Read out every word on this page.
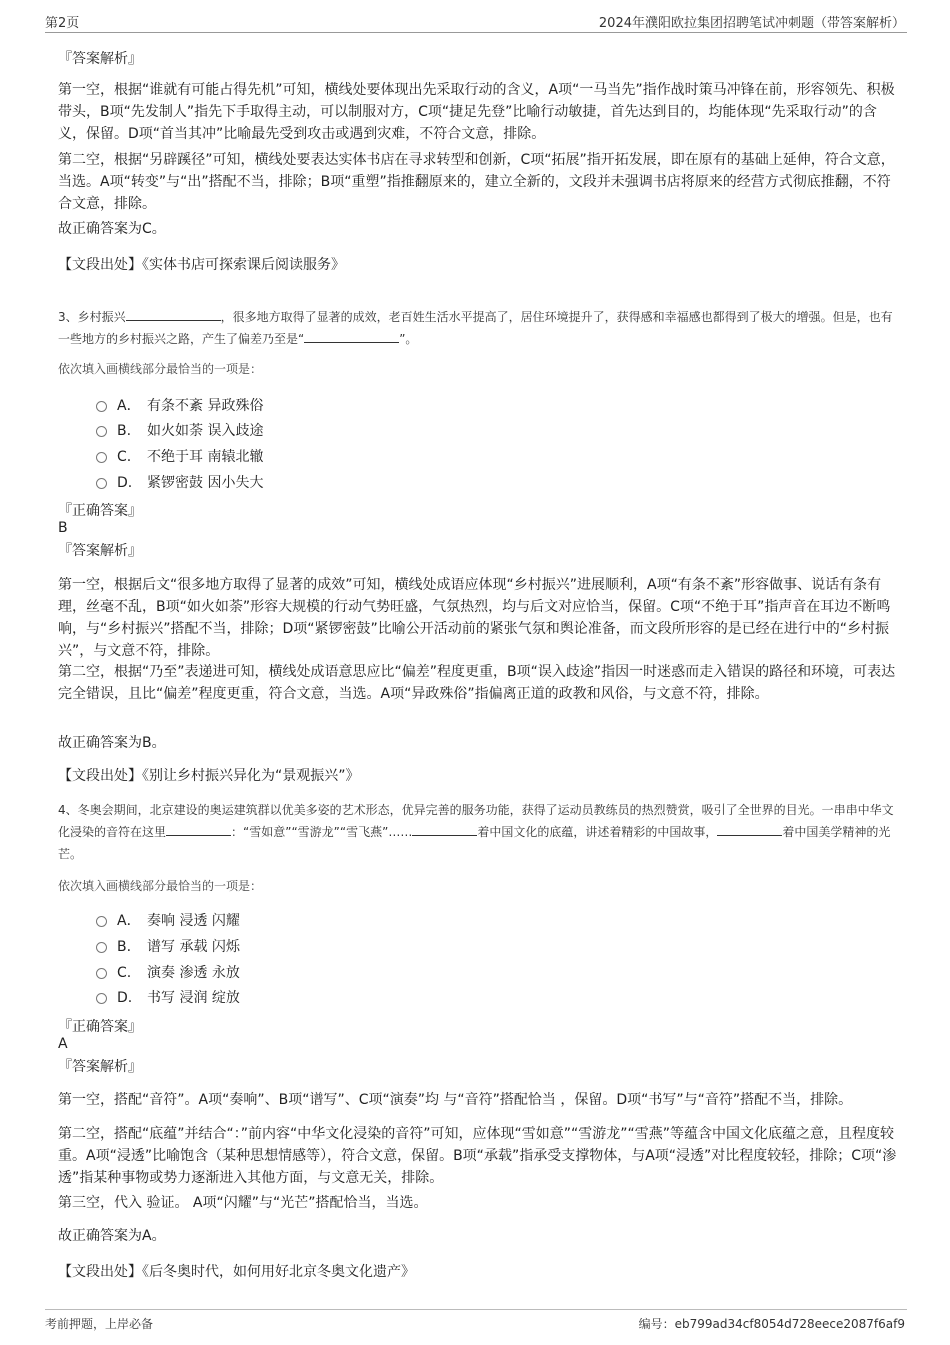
第2页	2024年濮阳欧拉集团招聘笔试冲刺题（带答案解析）
『答案解析』

第一空，根据“谁就有可能占得先机”可知，横线处要体现出先采取行动的含义，A项“一马当先”指作战时策马冲锋在前，形容领先、积极带头，B项“先发制人”指先下手取得主动，可以制服对方，C项“捷足先登”比喻行动敏捷，首先达到目的，均能体现“先采取行动”的含义，保留。D项“首当其冲”比喻最先受到攻击或遇到灾难，不符合文意，排除。

第二空，根据“另辟蹊径”可知，横线处要表达实体书店在寻求转型和创新，C项“拓展”指开拓发展，即在原有的基础上延伸，符合文意，当选。A项“转变”与“出”搭配不当，排除；B项“重塑”指推翻原来的，建立全新的，文段并未强调书店将原来的经营方式彻底推翻，不符合文意，排除。

故正确答案为C。
【文段出处】《实体书店可探索课后阅读服务》

3、乡村振兴	，很多地方取得了显著的成效，老百姓生活水平提高了，居住环境提升了，获得感和幸福感也都得到了极大的增强。但是，也有一些地方的乡村振兴之路，产生了偏差乃至是“	”。

依次填入画横线部分最恰当的一项是：
A． 有条不紊 异政殊俗
B.	如火如荼 误入歧途
C.	不绝于耳 南辕北辙
D.	紧锣密鼓 因小失大
『正确答案』
B
『答案解析』

第一空，根据后文“很多地方取得了显著的成效”可知，横线处成语应体现“乡村振兴”进展顺利，A项“有条不紊”形容做事、说话有条有理，丝毫不乱，B项“如火如荼”形容大规模的行动气势旺盛，气氛热烈，均与后文对应恰当，保留。C项“不绝于耳”指声音在耳边不断鸣响，与“乡村振兴”搭配不当，排除；D项“紧锣密鼓”比喻公开活动前的紧张气氛和舆论准备，而文段所形容的是已经在进行中的“乡村振兴”，与文意不符，排除。

第二空，根据“乃至”表递进可知，横线处成语意思应比“偏差”程度更重，B项“误入歧途”指因一时迷惑而走入错误的路径和环境，可表达完全错误，且比“偏差”程度更重，符合文意，当选。A项“异政殊俗”指偏离正道的政教和风俗，与文意不符，排除。

故正确答案为B。
【文段出处】《别让乡村振兴异化为“景观振兴”》

4、冬奥会期间，北京建设的奥运建筑群以优美多姿的艺术形态，优异完善的服务功能，获得了运动员教练员的热烈赞赏，吸引了全世界的目光。一串串中华文化浸染的音符在这里	：“雪如意”“雪游龙”“雪飞燕”……	着中国文化的底蕴，讲述着精彩的中国故事，	着中国美学精神的光芒。

依次填入画横线部分最恰当的一项是：
A． 奏响 浸透 闪耀
B.	谱写 承载 闪烁
C.	演奏 渗透 永放
D.	书写 浸润 绽放
『正确答案』
A
『答案解析』

第一空，搭配“音符”。A项“奏响”、B项“谱写”、C项“演奏”均 与“音符”搭配恰当 ，保留。D项“书写”与“音符”搭配不当，排除。

第二空，搭配“底蕴”并结合“：”前内容“中华文化浸染的音符”可知，应体现“雪如意”“雪游龙”“雪燕”等蕴含中国文化底蕴之意，且程度较重。A项“浸透”比喻饱含（某种思想情感等），符合文意，保留。B项“承载”指承受支撑物体，与A项“浸透”对比程度较轻，排除；C项“渗透”指某种事物或势力逐渐进入其他方面，与文意无关，排除。

第三空，代入 验证。 A项“闪耀”与“光芒”搭配恰当，当选。

故正确答案为A。
【文段出处】《后冬奥时代，如何用好北京冬奥文化遗产》
考前押题，上岸必备	编号：eb799ad34cf8054d728eece2087f6af9
